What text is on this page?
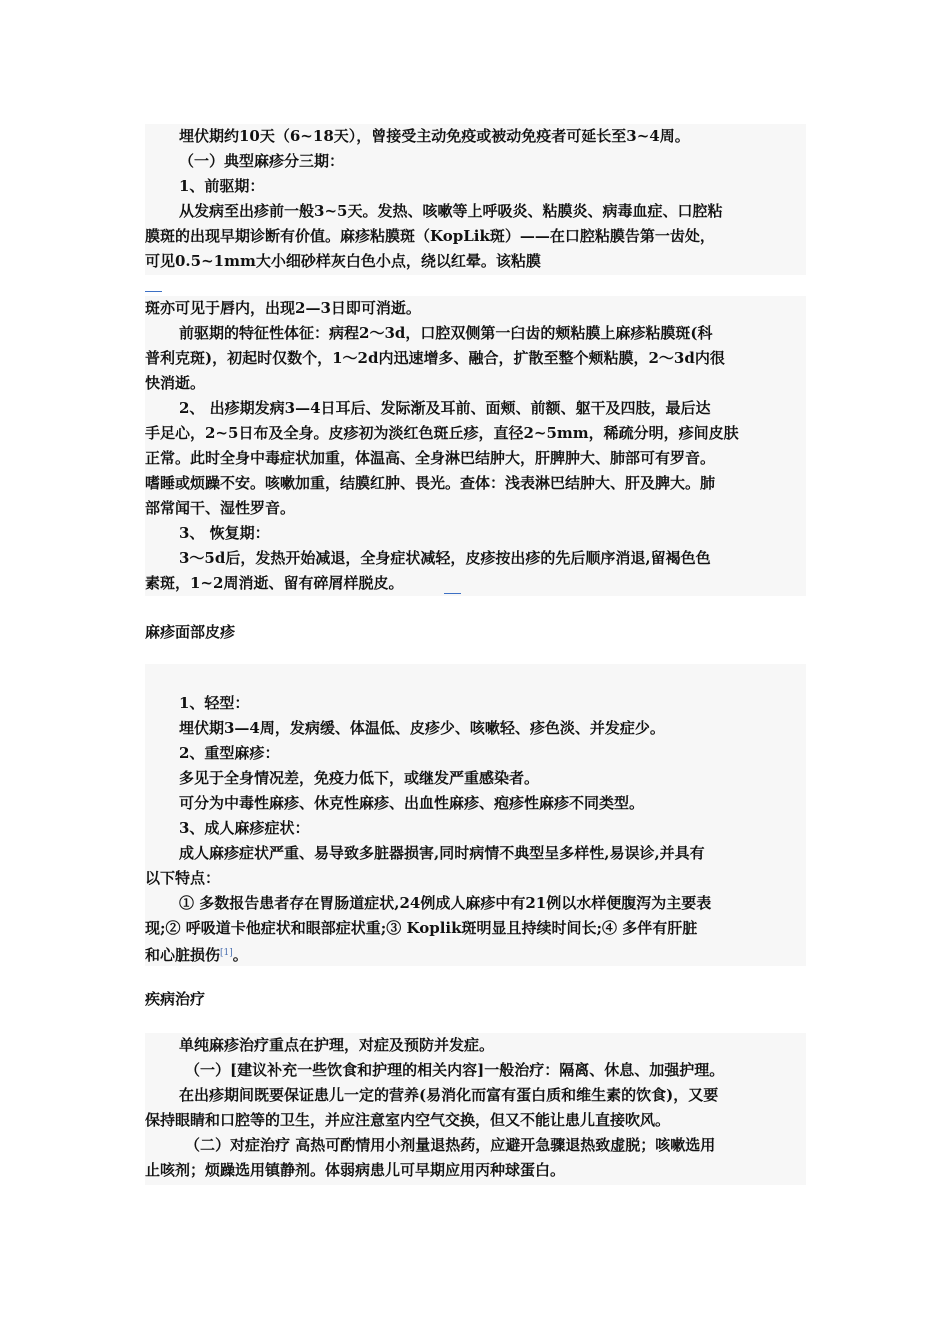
埋伏期约10天（6~18天），曾接受主动免疫或被动免疫者可延长至3~4周。
（一）典型麻疹分三期：
1、前驱期：
从发病至出疹前一般3~5天。发热、咳嗽等上呼吸炎、粘膜炎、病毒血症、口腔粘
膜斑的出现早期诊断有价值。麻疹粘膜斑（KopLik斑）——在口腔粘膜告第一齿处，
可见0.5~1mm大小细砂样灰白色小点，绕以红晕。该粘膜
斑亦可见于唇内，出现2—3日即可消逝。
前驱期的特征性体征：病程2～3d，口腔双侧第一臼齿的颊粘膜上麻疹粘膜斑(科
普利克斑)，初起时仅数个，1～2d内迅速增多、融合，扩散至整个颊粘膜，2～3d内很
快消逝。
2、 出疹期发病3—4日耳后、发际渐及耳前、面颊、前额、躯干及四肢，最后达
手足心，2~5日布及全身。皮疹初为淡红色斑丘疹，直径2~5mm，稀疏分明，疹间皮肤
正常。此时全身中毒症状加重，体温高、全身淋巴结肿大，肝脾肿大、肺部可有罗音。
嗜睡或烦躁不安。咳嗽加重，结膜红肿、畏光。查体：浅表淋巴结肿大、肝及脾大。肺
部常闻干、湿性罗音。
3、 恢复期：
3～5d后，发热开始减退，全身症状减轻，皮疹按出疹的先后顺序消退,留褐色色
素斑，1~2周消逝、留有碎屑样脱皮。
麻疹面部皮疹
1、轻型：
埋伏期3—4周，发病缓、体温低、皮疹少、咳嗽轻、疹色淡、并发症少。
2、重型麻疹：
多见于全身情况差，免疫力低下，或继发严重感染者。
可分为中毒性麻疹、休克性麻疹、出血性麻疹、疱疹性麻疹不同类型。
3、成人麻疹症状：
成人麻疹症状严重、易导致多脏器损害,同时病情不典型呈多样性,易误诊,并具有
以下特点：
① 多数报告患者存在胃肠道症状,24例成人麻疹中有21例以水样便腹泻为主要表
现;② 呼吸道卡他症状和眼部症状重;③ Koplik斑明显且持续时间长;④ 多伴有肝脏
和心脏损伤[1]。
疾病治疗
单纯麻疹治疗重点在护理，对症及预防并发症。
（一）[建议补充一些饮食和护理的相关内容]一般治疗：隔离、休息、加强护理。
在出疹期间既要保证患儿一定的营养(易消化而富有蛋白质和维生素的饮食)，又要
保持眼睛和口腔等的卫生，并应注意室内空气交换，但又不能让患儿直接吹风。
（二）对症治疗 高热可酌情用小剂量退热药，应避开急骤退热致虚脱；咳嗽选用
止咳剂；烦躁选用镇静剂。体弱病患儿可早期应用丙种球蛋白。
